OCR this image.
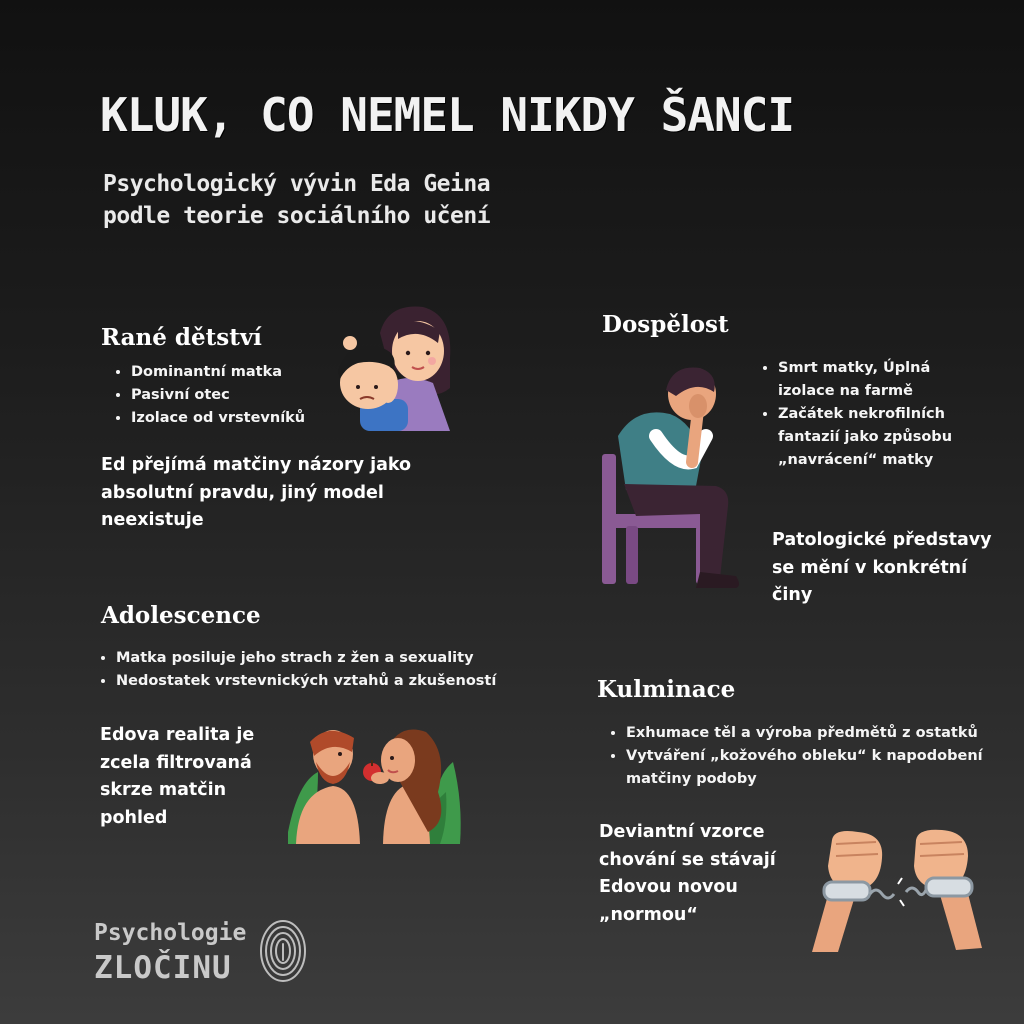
KLUK, CO NEMEL NIKDY ŠANCI
Psychologický vývin Eda Geina
podle teorie sociálního učení
Rané dětství
• Dominantní matka
• Pasivní otec
• Izolace od vrstevníků

Ed přejímá matčiny názory jako absolutní pravdu, jiný model neexistuje

Adolescence
• Matka posiluje jeho strach z žen a sexuality
• Nedostatek vrstevnických vztahů a zkušeností

Edova realita je zcela filtrovaná skrze matčin pohled

Dospělost
• Smrt matky, Úplná izolace na farmě
• Začátek nekrofilních fantazií jako způsobu „navrácení“ matky

Patologické představy se mění v konkrétní činy

Kulminace
• Exhumace těl a výroba předmětů z ostatků
• Vytváření „kožového obleku“ k napodobení matčiny podoby

Deviantní vzorce chování se stávají Edovou novou „normou“

Psychologie
ZLOČINU
